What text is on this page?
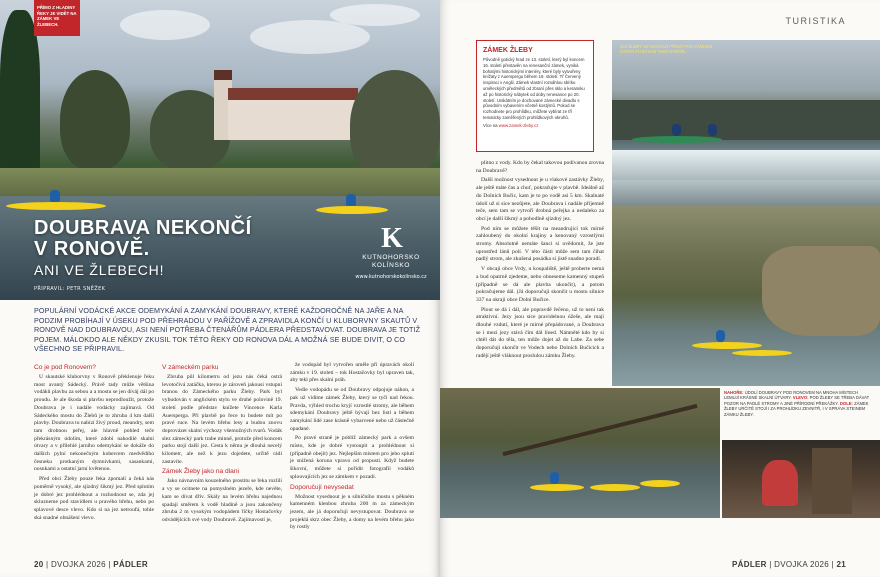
PŘÍMO Z HLADINY ŘEKY JE VIDĚT NA ZÁMEK VE ŽLEBECH.
DOUBRAVA NEKONČÍ
V RONOVĚ.
ANI VE ŽLEBECH!
PŘIPRAVIL: PETR SNĚŽEK
K
KUTNOHORSKO
KOLÍNSKO
www.kutnohorskokolinsko.cz
POPULÁRNÍ VODÁCKÉ AKCE ODEMYKÁNÍ A ZAMYKÁNÍ DOUBRAVY, KTERÉ KAŽDOROČNĚ NA JAŘE A NA PODZIM PROBÍHAJÍ V ÚSEKU POD PŘEHRADOU V PAŘÍŽOVĚ A ZPRAVIDLA KONČÍ U KLUBORVNY SKAUTŮ V RONOVĚ NAD DOUBRAVOU, ASI NENÍ POTŘEBA ČTENÁŘŮM PÁDLERA PŘEDSTAVOVAT. DOUBRAVA JE TOTIŽ POJEM. MÁLOKDO ALE NĚKDY ZKUSIL TOK TÉTO ŘEKY OD RONOVA DÁL A MOŽNÁ SE BUDE DIVIT, O CO VŠECHNO SE PŘIPRAVIL.
Co je pod Ronovem?

U skautské kluborvny v Ronově překlenuje řeku most avantý Sádecký. Právě tady může většina vodáků plavbu za sebou a a mostu se jen díváj dál po proudu. Je ale škoda si plavbu neprodloužit, protože Doubrava je i nadále vodácky zajímavá. Od Sádeckého mostu do Žlebů je to zhruba 4 km další plavby. Doubrava tu nabízí živý proud, meandry, sem tam drobnou peřej, ale hlavně pohled teče překrásným údolím, které zdobí nahodilé skalní útvary a v přilehlé jarního odemykání se dokáže do dalších pylní nekonečným kobercem medvědího česneku protkaným dymnivkami, sasankami, nosnkami a ostatní jarní květenou.

Před obcí Žleby pouze řeka zpomalí a čeká nás poměrně vysoký, ale sjízdný šikmý jez. Před splutím je dobré jez prohlédnout a rozhodnout se, zda jej skluzneme pod stavidlem u pravého břehu, nebo po splavové desce vlevo. Kdo si na jez netroufá, tohle ská snadné obnášení vlevo.

V zámeckém parku

Zhruba půl kilometru od jezu nás čeká ostrá levotočivá zatáčka, kterou je zároveň jakousi vstupní branou do Zámeckého parku Žleby. Park byl vybudován v anglickém stylu ve druhé polovině 19. století podle představ knížete Vincence Karla Auersperga. Při plavbě po řece tu budete mít po pravé ruce. Na levém břehu lesy a budou znovu doprovázet skalní výchozy všemožných tvarů. Vodák slez zámecký park trabe minně, protože před koncem parku stojí další jez. Cesta k němu je dlouhá necelý kilometr, ale než k jezu dojedete, určitě rádi zastavíte.

Zámek Žleby jako na dlani

Jako návnavním kouzelného prostitu se řeka rozlili a vy se ocitnete na pomyslném jezeře, kde nevěte, kam se dívat dřív. Skály na levém břehu najednou spadají směrem k vodě hladině a jsou zakončeny zhruba 2 m vysokým vodopádem říčky Hostačovky odvádějících své vody Doubravě. Zajímavostí je,

že vodopád byl vytvořen uměle při úpravách okolí zámku v 19. století – tok Hostačovky byl upraven tak, aby tekl přes skalní práh.

Vedle vodopádu se od Doubravy odpojuje náhon, a pak už vidíme zámek Žleby, který se tyčí nad řekou. Pravda, výhled trochu kryjí vzrostlé stromy, ale během sdemykání Doubravy ještě bývají bez listí a během zamykání lidé zase krásně vybarvené nebo už částečně opadané.

Po pravé straně je poblíž zámecký park a ovšem místo, kde je dobré vystoupit a prohlédnout si (případně obejít) jez. Nejlepším místem pro jeho splutí je snižená koruna vpravo od propusti. Když budete šikovní, můžete si pořídit fotografii vodáků splouvajících jez se zámkem v pozadí.

Doporučují nevysedat

Možnost vysednout je u silničního mostu s pěkném kamenném klenbou zhruba 200 m za zámeckým jezem, ale já doporučuji nevystupovat. Doubrava se projeklá skrz obec Žleby, a domy na levém břehu jako by rostly

20 | DVOJKA 2026 | PÁDLER
TURISTIKA
ZÁMEK ŽLEBY
Původně gotický hrad ze 13. století, který byl koncem 16. století přestavěn na renesanční zámek, vyniká bohatými historickými interiéry, které byly vytvořeny knížaty z Auerspergu během 19. století. Tř Červený inspiraci v Anglii. Zámek vlastní rozsáhlou sbírku uměleckých předmětů od zbraní přes sklo a keramiku až po historický nábytek od doby renesance po 20. století. Unikátním je dochované zámecké divadlo s původním vybavením včetně kostýmů. Pokud se rozhodnete pro prohlídku, můžete vybírat ze tří tematicky zaměřených prohlídkových okruhů.
Více na www.zamek-zleby.cz
JEZ ŽLEBY SE NACHÁZÍ PŘÍMO POD ZÁMKEM. ČASTO TU BÝVAJÍ TAKÉ RYBÁŘI.
NAHOŘE: ÚDOLÍ DOUBRAVY POD RONOVEM NA MNOHA MÍSTECH LEMUJÍ KRÁSNÉ SKALNÍ ÚTVARY. VLEVO: POD ŽLEBY SE TŘEBA DÁVAT POZOR NA PADLÉ STROMY A JINÉ PŘÍRODNÍ PŘEKÁŽKY. DOLE: ZÁMEK ŽLEBY URČITĚ STOJÍ I ZA PROHLÍDKU ZEVNITŘ, I V SPRÁVA STEINEM ZÁMKU ŽLEBY.

plitno z vody. Kdo by čekal takovou podívanou zrovna na Doubravě?

Další možnost vysednout je u vlakové zastávky Žleby, ale ještě máte čas a chuť, pokračujte v plavbě. Ideálně až do Dolních Bučic, kam je to po vodě asi 5 km. Skalnaté údolí už si sice nezůjete, ale Doubrava i nadále příjemně teče, sem tam se vytvoří drobná peřejka a nedaleko za obcí je další šikmý a pohodlně sjízdný jez.

Pod ním se můžete těšit na meandrující tok mírně zahloubený do okolní krajiny a kenovaný vzrostlými stromy. Absolutně nemáte šanci si uvědomit, že jste uprostřed lánů polí. V této části může sem tam čihat padlý strom, ale zkušená posádka si jistě snadno poradí.

V obcaji obce Vrdy, u koupaliště, ještě proberte nemá a bud opatrně zjedeme, nebo obneseme kamenný stupeň (případně se dá ale plavba ukončit), a potom pokračujeme dál. (Já doporučuji skončit u mostu silnice 337 na okraji obce Dolní Bučice.

Plout se dá i dál, ale popravdě řečeno, už to není tak atraktivní. Jezy jsou sice pravidelnou úžeše, ale mají dlouhé vzdutí, které je mírné přepádované, a Doubrava se i mezi jezy stává čím dál líned. Námněté kdo by si chtěl dát do těla, ten může dojet až do Labe. Za sebe doporučuji skončit ve Vodech nebo Dolních Bučicích a radějí ještě vláknout proslulou zámku Žleby.

PÁDLER | DVOJKA 2026 | 21
